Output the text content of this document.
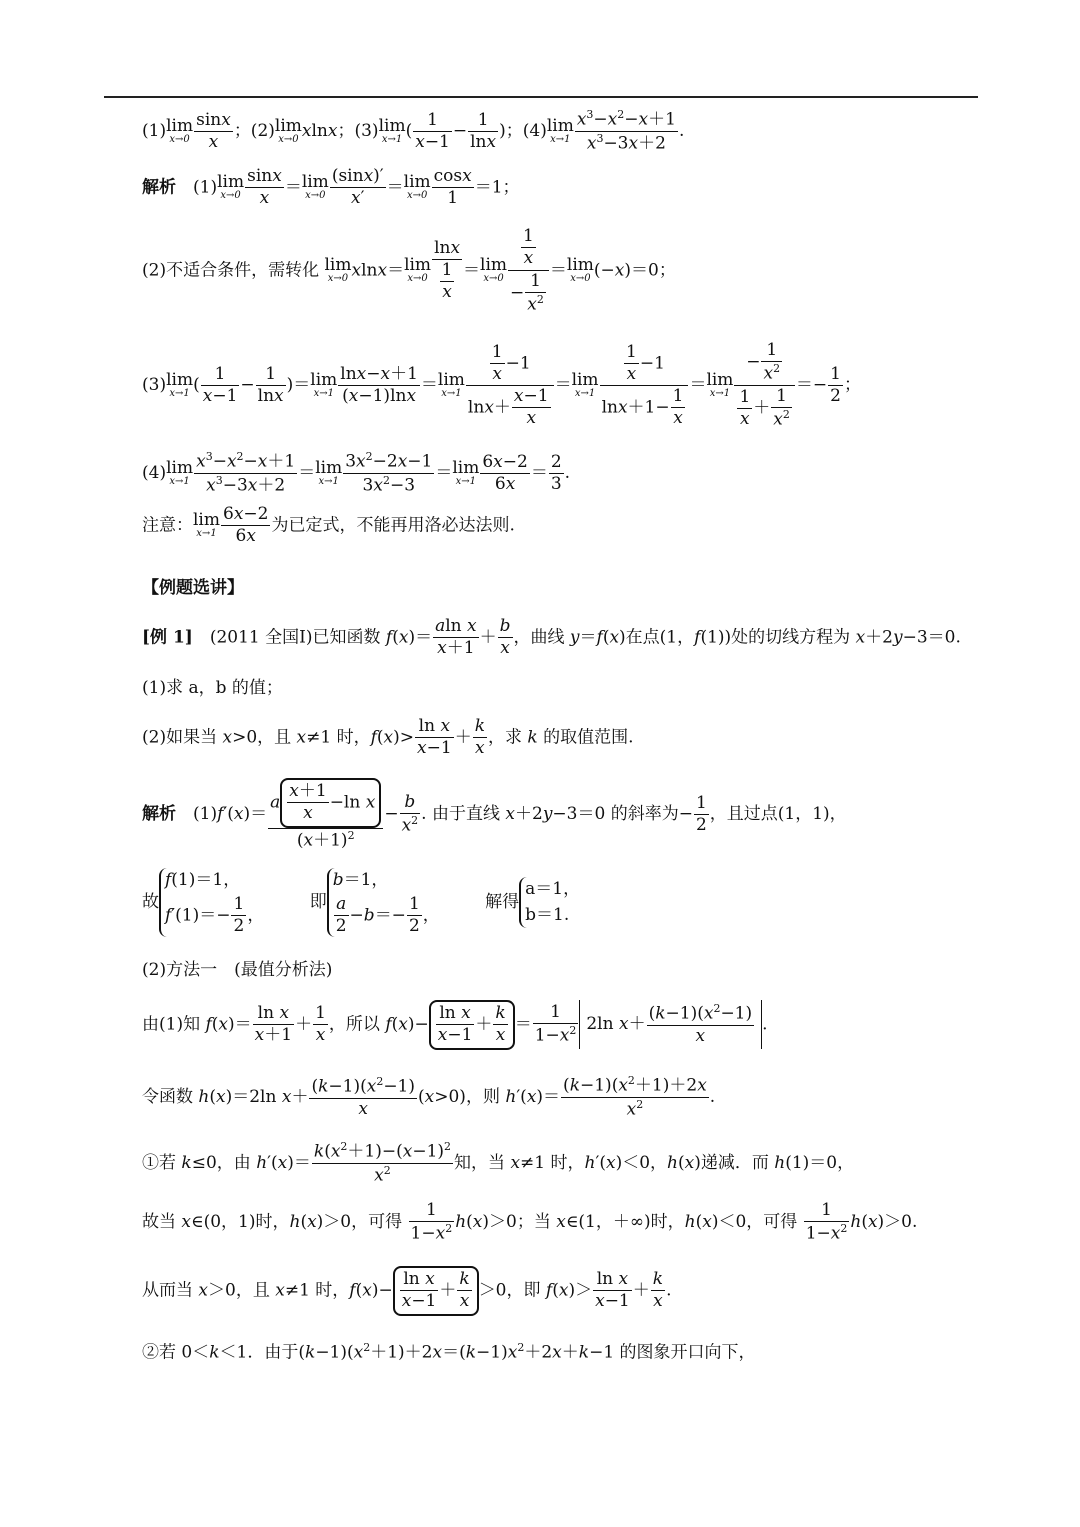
(1) lim
$x\to 0 \frac{\sin x}{x}$ ；(2) lim
x→0 xlnx；(3) lim
x→1 ( $\frac{1}{x-1} - \frac{1}{\ln x}$ )；(4) lim
$x\to 1 \frac{x^3-x^2-x+1}{x^3-3x+2}$ .
解析　(1) lim
$x\to 0 \frac{\sin x}{x} = \lim$
$x\to 0 \frac{(\sin x)'}{x'} = \lim$
$x\to 0 \frac{\cos x}{1} =1$；
(2)不适合条件，需转化 lim
x→0 xlnx＝ lim
$x\to 0 \frac{\ln x}{\frac{1}{x}} = \lim$
$x\to 0 \frac{\frac{1}{x}}{- \frac{1}{x^2}} = \lim$
x→0 (−x)＝0；
(3) lim
x→1 ( $\frac{1}{x-1} - \frac{1}{\ln x}$ )＝ lim
$x\to 1 \frac{\ln x-x+1}{(x-1)\ln x} = \lim$
$x\to 1 \frac{\frac{1}{x} -1}{\ln x+ \frac{x-1}{x}} = \lim$
$x\to 1 \frac{\frac{1}{x} -1}{\ln x+1- \frac{1}{x}} = \lim$
$x\to 1 \frac{- \frac{1}{x^2}}{\frac{1}{x} + \frac{1}{x^2}} =- \frac{1}{2}$ ；
(4) lim
$x\to 1 \frac{x^3-x^2-x+1}{x^3-3x+2} = \lim$
$x\to 1 \frac{3x^2-2x-1}{3x^2-3} = \lim$
$x\to 1 \frac{6x-2}{6x} = \frac{2}{3}$ .
注意： lim
$x\to 1 \frac{6x-2}{6x}$ 为已定式，不能再用洛必达法则.
【例题选讲】
[例 1]　(2011 全国I)已知函数 $f(x)= \frac{\text{aln x}}{x+1} + \frac{b}{x}$ ，曲线 y＝f(x)在点(1，f(1))处的切线方程为 x＋2y−3＝0.
(1)求 a，b 的值；
(2)如果当 x>0，且 x≠1 时，$f(x)> \frac{\text{ln x}}{x-1} + \frac{k}{x}$ ，求 k 的取值范围.
解析　$(1)f'(x)= \frac{a \frac{x+1}{x} -\ln x}{(x+1)^2} - \frac{b}{x^2}$ . 由于直线 x＋2y−3＝0 的斜率为− $\frac{1}{2}$ ，且过点(1，1)，
故
f(1)＝1，
$f'(1)=- \frac{1}{2}$ ，
即
b＝1，
$\frac{a}{2} -b=- \frac{1}{2}$ ，
解得
a＝1，
b＝1.
(2)方法一　(最值分析法)
由(1)知 $f(x)= \frac{\text{ln x}}{x+1} + \frac{1}{x}$ ，所以 $f(x)- \frac{\text{ln x}}{x-1} + \frac{k}{x} = \frac{1}{1-x^2} 2\ln$ $x+ \frac{(k-1)(x^2-1)}{x}$ .
令函数 h(x)＝2ln $x+ \frac{(k-1)(x^2-1)}{x} (x>0)$，则 $h'(x)= \frac{(k-1)(x^2+1)+2x}{x^2}$ .
①若 k≤0，由 $h'(x)= \frac{k(x^2+1)-(x-1)^2}{x^2}$ 知，当 x≠1 时，h′(x)＜0，h(x)递减．而 h(1)＝0，
故当 x∈(0，1)时，h(x)＞0，可得 $\frac{1}{1-x^2} h(x)>0$；当 x∈(1，＋∞)时，h(x)＜0，可得 $\frac{1}{1-x^2} h(x)>0$.
从而当 x＞0，且 x≠1 时，$f(x)- \frac{\text{ln x}}{x-1} + \frac{k}{x} >0$，即 $f(x)> \frac{\text{ln x}}{x-1} + \frac{k}{x}$ .
②若 0＜k＜1．由于$(k-1)(x^2+1)+2x=(k-1)x^2+2x+k-1$ 的图象开口向下，
